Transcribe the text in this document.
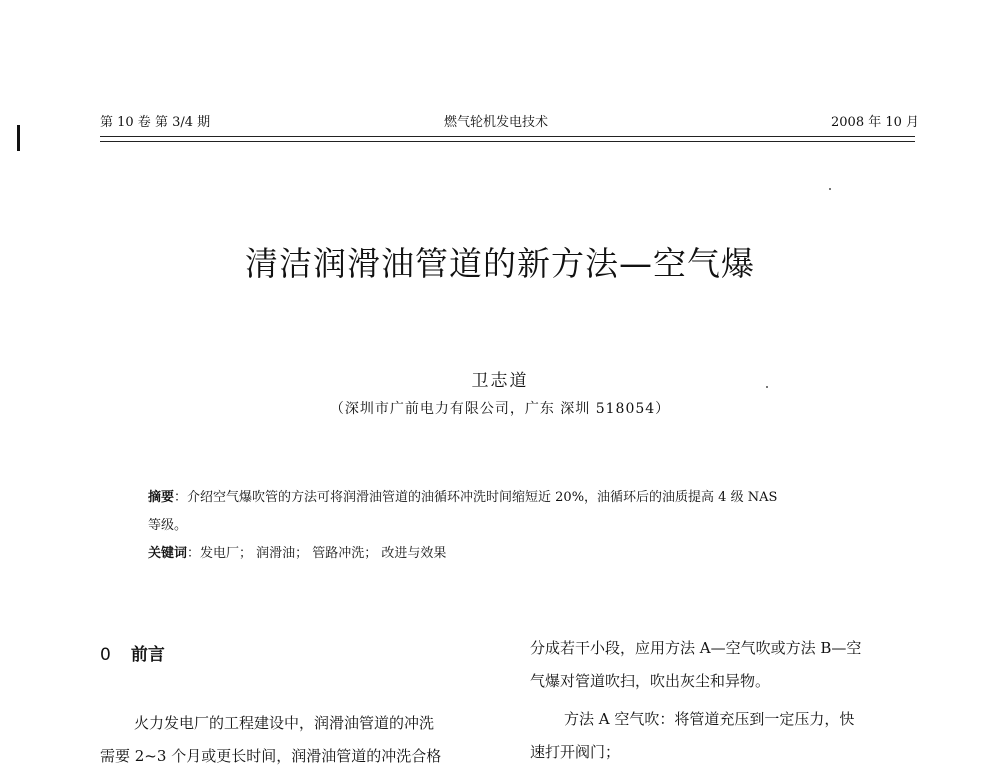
第 10 卷 第 3/4 期	燃气轮机发电技术	2008 年 10 月
清洁润滑油管道的新方法—空气爆
卫志道
（深圳市广前电力有限公司，广东 深圳 518054）
摘要：介绍空气爆吹管的方法可将润滑油管道的油循环冲洗时间缩短近 20%，油循环后的油质提高 4 级 NAS
等级。
关键词：发电厂； 润滑油； 管路冲洗； 改进与效果
0 前言
火力发电厂的工程建设中，润滑油管道的冲洗
需要 2~3 个月或更长时间，润滑油管道的冲洗合格
分成若干小段，应用方法 A—空气吹或方法 B—空
气爆对管道吹扫，吹出灰尘和异物。
方法 A 空气吹：将管道充压到一定压力，快
速打开阀门；
